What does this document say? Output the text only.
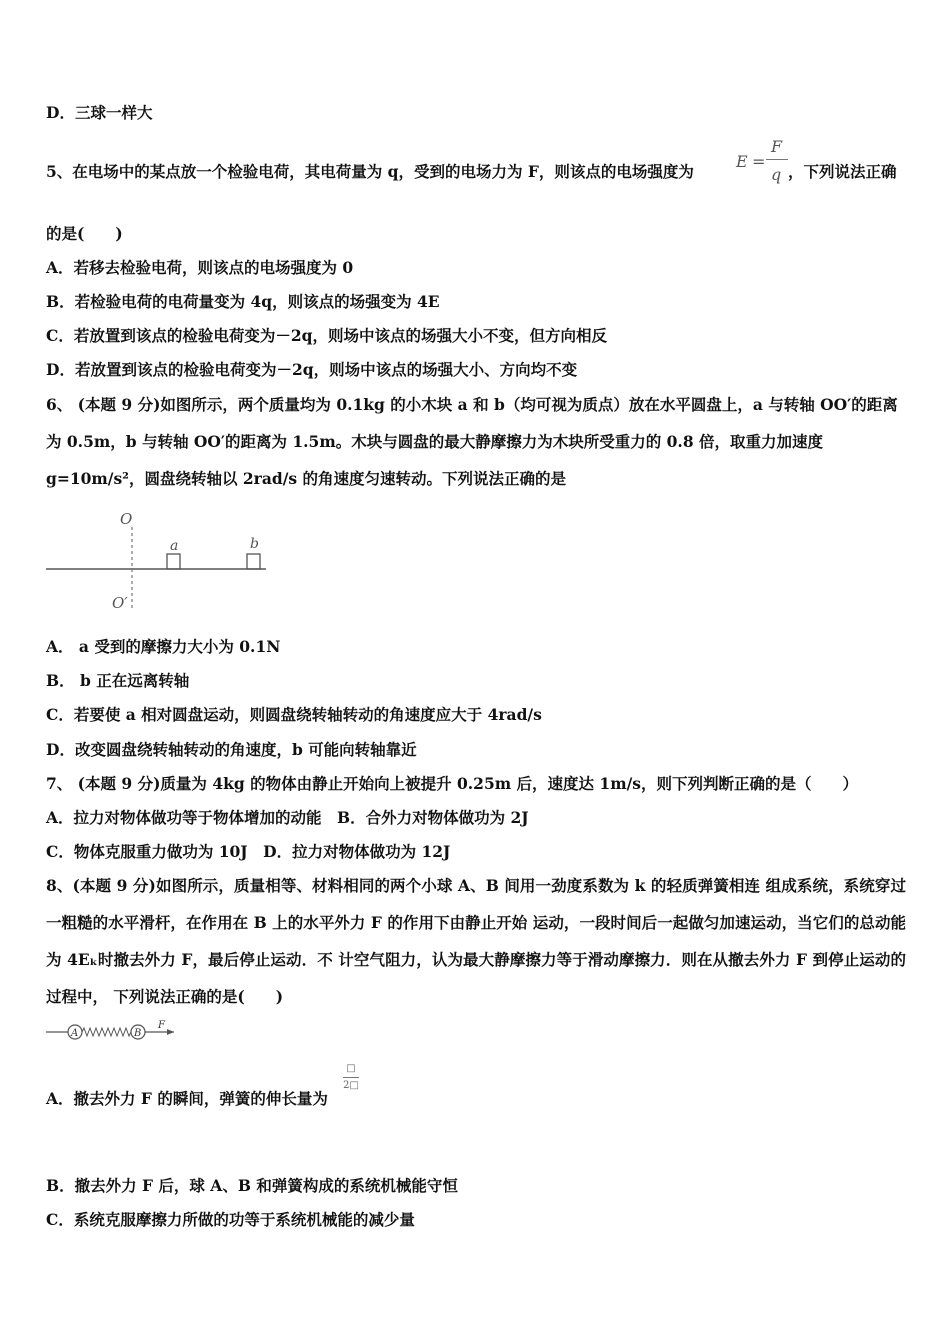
D．三球一样大
5、在电场中的某点放一个检验电荷，其电荷量为 q，受到的电场力为 F，则该点的电场强度为
E =
F
q ，下列说法正确
的是(　　)
A．若移去检验电荷，则该点的电场强度为 0
B．若检验电荷的电荷量变为 4q，则该点的场强变为 4E
C．若放置到该点的检验电荷变为－2q，则场中该点的场强大小不变，但方向相反
D．若放置到该点的检验电荷变为－2q，则场中该点的场强大小、方向均不变
6、 (本题 9 分)如图所示，两个质量均为 0.1kg 的小木块 a 和 b（均可视为质点）放在水平圆盘上，a 与转轴 OO′的距离
为 0.5m，b 与转轴 OO′的距离为 1.5m。木块与圆盘的最大静摩擦力为木块所受重力的 0.8 倍，取重力加速度
g=10m/s²，圆盘绕转轴以 2rad/s 的角速度匀速转动。下列说法正确的是
O
O′
a	b
A． a 受到的摩擦力大小为 0.1N
B． b 正在远离转轴
C．若要使 a 相对圆盘运动，则圆盘绕转轴转动的角速度应大于 4rad/s
D．改变圆盘绕转轴转动的角速度，b 可能向转轴靠近
7、 (本题 9 分)质量为 4kg 的物体由静止开始向上被提升 0.25m 后，速度达 1m/s，则下列判断正确的是（　　）
A．拉力对物体做功等于物体增加的动能　B．合外力对物体做功为 2J
C．物体克服重力做功为 10J　D．拉力对物体做功为 12J
8、(本题 9 分)如图所示，质量相等、材料相同的两个小球 A、B 间用一劲度系数为 k 的轻质弹簧相连 组成系统，系统穿过一粗糙的水平滑杆，在作用在 B 上的水平外力 F 的作用下由静止开始 运动，一段时间后一起做匀加速运动，当它们的总动能为 4Eₖ时撤去外力 F，最后停止运动．不 计空气阻力，认为最大静摩擦力等于滑动摩擦力．则在从撤去外力 F 到停止运动的过程中， 下列说法正确的是(　　)
A	B
F
A．撤去外力 F 的瞬间，弹簧的伸长量为
□
2□
B．撤去外力 F 后，球 A、B 和弹簧构成的系统机械能守恒
C．系统克服摩擦力所做的功等于系统机械能的减少量
